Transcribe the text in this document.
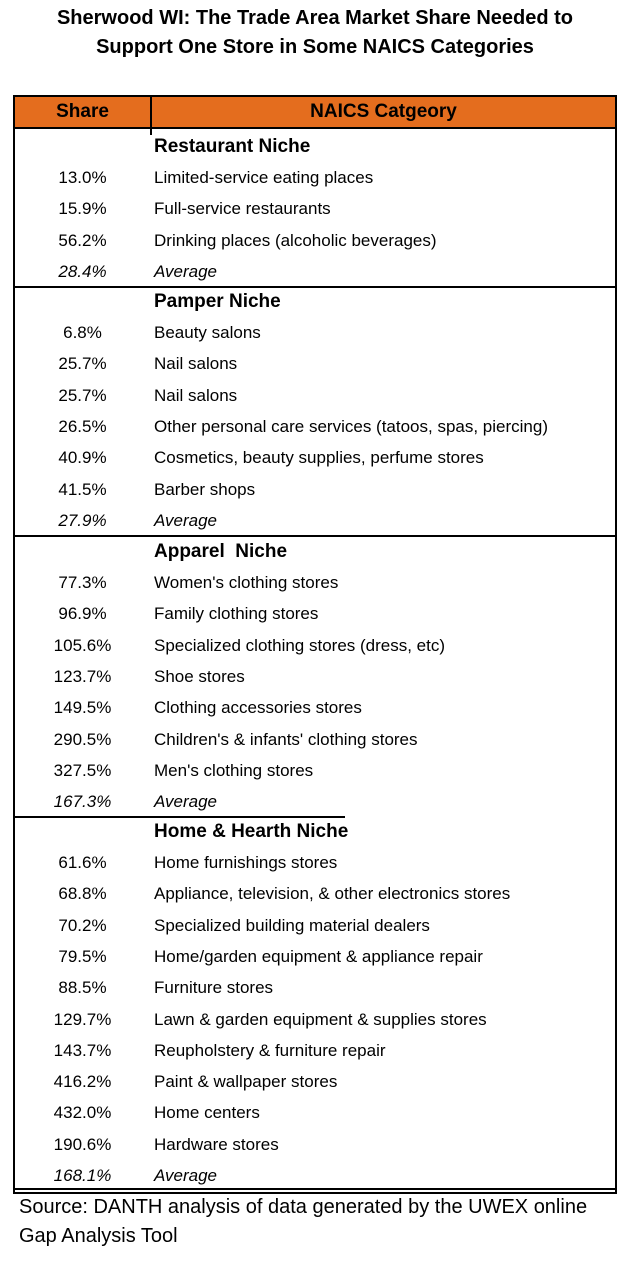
Sherwood WI: The Trade Area Market Share Needed to
Support One Store in Some NAICS Categories
Share	NAICS Catgeory
Restaurant Niche
13.0%	Limited-service eating places
15.9%	Full-service restaurants
56.2%	Drinking places (alcoholic beverages)
28.4%	Average
Pamper Niche
6.8%	Beauty salons
25.7%	Nail salons
25.7%	Nail salons
26.5%	Other personal care services (tatoos, spas, piercing)
40.9%	Cosmetics, beauty supplies, perfume stores
41.5%	Barber shops
27.9%	Average
Apparel  Niche
77.3%	Women's clothing stores
96.9%	Family clothing stores
105.6%	Specialized clothing stores (dress, etc)
123.7%	Shoe stores
149.5%	Clothing accessories stores
290.5%	Children's & infants' clothing stores
327.5%	Men's clothing stores
167.3%	Average
Home & Hearth Niche
61.6%	Home furnishings stores
68.8%	Appliance, television, & other electronics stores
70.2%	Specialized building material dealers
79.5%	Home/garden equipment & appliance repair
88.5%	Furniture stores
129.7%	Lawn & garden equipment & supplies stores
143.7%	Reupholstery & furniture repair
416.2%	Paint & wallpaper stores
432.0%	Home centers
190.6%	Hardware stores
168.1%	Average
Source: DANTH analysis of data generated by the UWEX online Gap Analysis Tool
